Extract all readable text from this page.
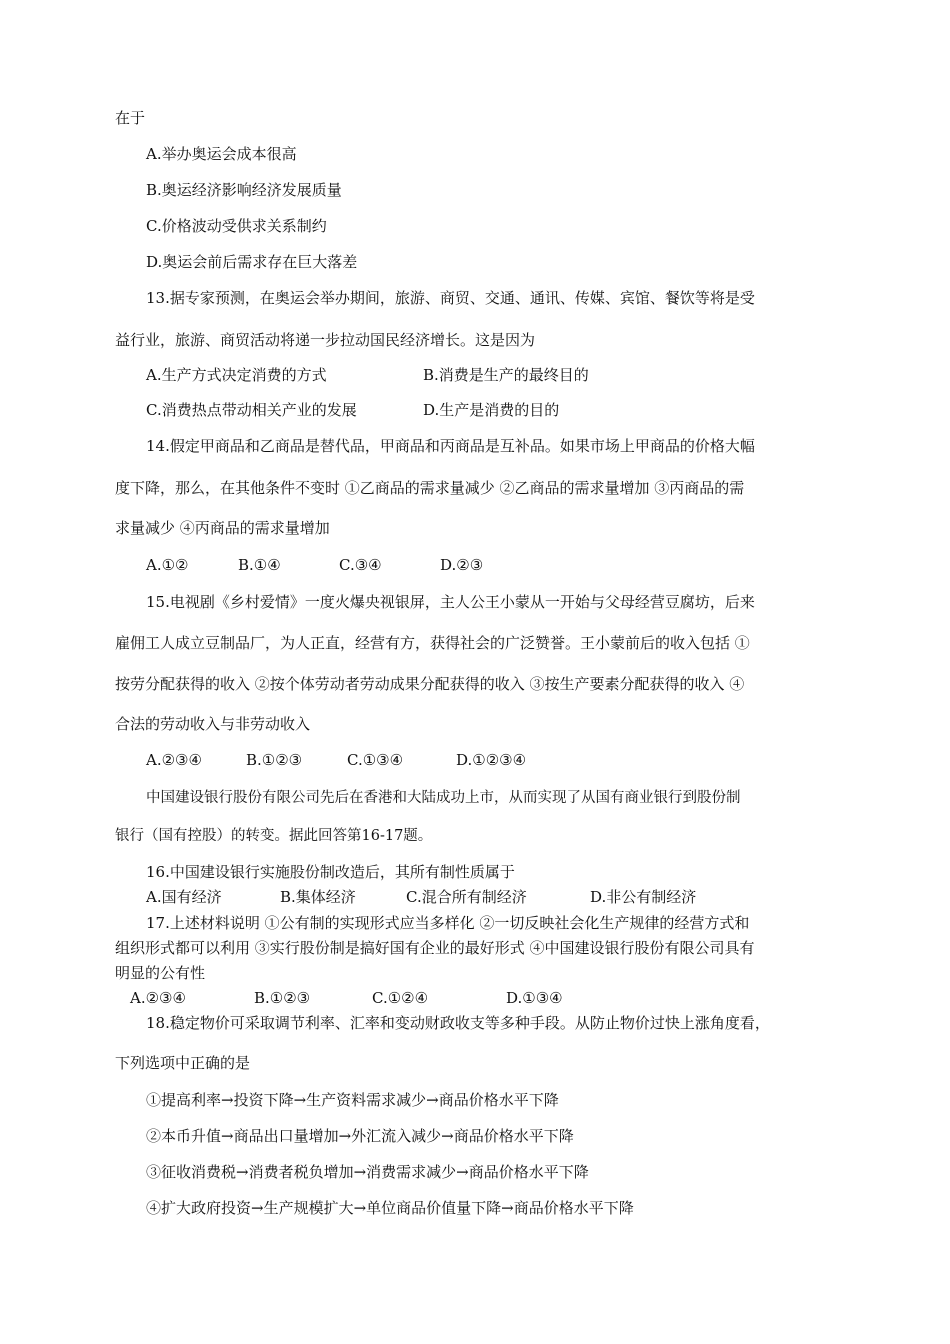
在于
A.举办奥运会成本很高
B.奥运经济影响经济发展质量
C.价格波动受供求关系制约
D.奥运会前后需求存在巨大落差
13.据专家预测，在奥运会举办期间，旅游、商贸、交通、通讯、传媒、宾馆、餐饮等将是受
益行业，旅游、商贸活动将递一步拉动国民经济增长。这是因为
A.生产方式决定消费的方式	B.消费是生产的最终目的
C.消费热点带动相关产业的发展	D.生产是消费的目的
14.假定甲商品和乙商品是替代品，甲商品和丙商品是互补品。如果市场上甲商品的价格大幅
度下降，那么，在其他条件不变时 ①乙商品的需求量减少 ②乙商品的需求量增加 ③丙商品的需
求量减少 ④丙商品的需求量增加
A.①②	B.①④	C.③④	D.②③
15.电视剧《乡村爱情》一度火爆央视银屏，主人公王小蒙从一开始与父母经营豆腐坊，后来
雇佣工人成立豆制品厂，为人正直，经营有方，获得社会的广泛赞誉。王小蒙前后的收入包括 ①
按劳分配获得的收入 ②按个体劳动者劳动成果分配获得的收入 ③按生产要素分配获得的收入 ④
合法的劳动收入与非劳动收入
A.②③④	B.①②③	C.①③④	D.①②③④
中国建设银行股份有限公司先后在香港和大陆成功上市，从而实现了从国有商业银行到股份制
银行（国有控股）的转变。据此回答第16-17题。
16.中国建设银行实施股份制改造后，其所有制性质属于
A.国有经济	B.集体经济	C.混合所有制经济	D.非公有制经济
17.上述材料说明 ①公有制的实现形式应当多样化 ②一切反映社会化生产规律的经营方式和
组织形式都可以利用 ③实行股份制是搞好国有企业的最好形式 ④中国建设银行股份有限公司具有
明显的公有性
A.②③④	B.①②③	C.①②④	D.①③④
18.稳定物价可采取调节利率、汇率和变动财政收支等多种手段。从防止物价过快上涨角度看，
下列选项中正确的是
①提高利率→投资下降→生产资料需求减少→商品价格水平下降
②本币升值→商品出口量增加→外汇流入减少→商品价格水平下降
③征收消费税→消费者税负增加→消费需求减少→商品价格水平下降
④扩大政府投资→生产规模扩大→单位商品价值量下降→商品价格水平下降
